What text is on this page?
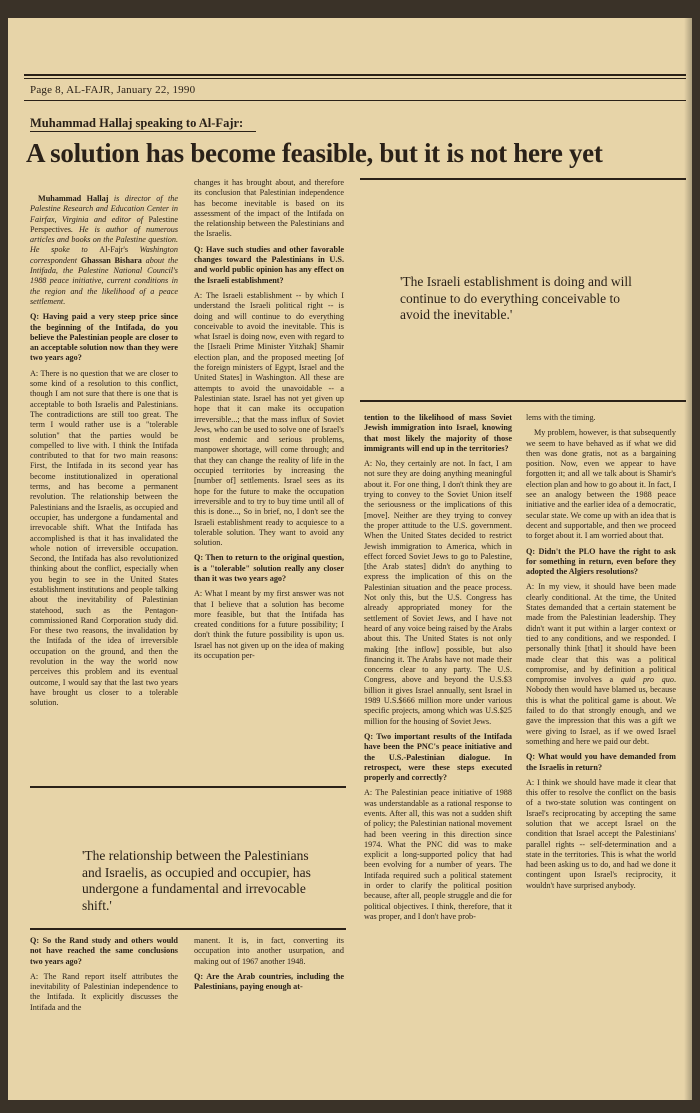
Page 8, AL-FAJR, January 22, 1990
Muhammad Hallaj speaking to Al-Fajr:
A solution has become feasible, but it is not here yet

Muhammad Hallaj is director of the Palestine Research and Education Center in Fairfax, Virginia and editor of Palestine Perspectives. He is author of numerous articles and books on the Palestine question. He spoke to Al-Fajr's Washington correspondent Ghassan Bishara about the Intifada, the Palestine National Council's 1988 peace initiative, current conditions in the region and the likelihood of a peace settlement.

Q: Having paid a very steep price since the beginning of the Intifada, do you believe the Palestinian people are closer to an acceptable solution now than they were two years ago?

A: There is no question that we are closer to some kind of a resolution to this conflict, though I am not sure that there is one that is acceptable to both Israelis and Palestinians. The contradictions are still too great. The term I would rather use is a "tolerable solution" that the parties would be compelled to live with. I think the Intifada contributed to that for two main reasons: First, the Intifada in its second year has become institutionalized in operational terms, and has become a permanent revolution. The relationship between the Palestinians and the Israelis, as occupied and occupier, has undergone a fundamental and irrevocable shift. What the Intifada has accomplished is that it has invalidated the whole notion of irreversible occupation. Second, the Intifada has also revolutionized thinking about the conflict, especially when you begin to see in the United States establishment institutions and people talking about the inevitability of Palestinian statehood, such as the Pentagon-commissioned Rand Corporation study did. For these two reasons, the invalidation by the Intifada of the idea of irreversible occupation on the ground, and then the revolution in the way the world now perceives this problem and its eventual outcome, I would say that the last two years have brought us closer to a tolerable solution.

changes it has brought about, and therefore its conclusion that Palestinian independence has become inevitable is based on its assessment of the impact of the Intifada on the relationship between the Palestinians and the Israelis.

Q: Have such studies and other favorable changes toward the Palestinians in U.S. and world public opinion has any effect on the Israeli establishment?

A: The Israeli establishment -- by which I understand the Israeli political right -- is doing and will continue to do everything conceivable to avoid the inevitable. This is what Israel is doing now, even with regard to the [Israeli Prime Minister Yitzhak] Shamir election plan, and the proposed meeting [of the foreign ministers of Egypt, Israel and the United States] in Washington. All these are attempts to avoid the unavoidable -- a Palestinian state. Israel has not yet given up hope that it can make its occupation irreversible...; that the mass influx of Soviet Jews, who can be used to solve one of Israel's most endemic and serious problems, manpower shortage, will come through; and that they can change the reality of life in the occupied territories by increasing the [number of] settlements. Israel sees as its hope for the future to make the occupation irreversible and to try to buy time until all of this is done..., So in brief, no, I don't see the Israeli establishment ready to acquiesce to a tolerable solution. They want to avoid any solution.

Q: Then to return to the original question, is a "tolerable" solution really any closer than it was two years ago?

A: What I meant by my first answer was not that I believe that a solution has become more feasible, but that the Intifada has created conditions for a future possibility; I don't think the future possibility is upon us. Israel has not given up on the idea of making its occupation per-

'The Israeli establishment is doing and will continue to do everything conceivable to avoid the inevitable.'

tention to the likelihood of mass Soviet Jewish immigration into Israel, knowing that most likely the majority of those immigrants will end up in the territories?

A: No, they certainly are not. In fact, I am not sure they are doing anything meaningful about it. For one thing, I don't think they are trying to convey to the Soviet Union itself the seriousness or the implications of this [move]. Neither are they trying to convey the proper attitude to the U.S. government. When the United States decided to restrict Jewish immigration to America, which in effect forced Soviet Jews to go to Palestine, [the Arab states] didn't do anything to express the implication of this on the Palestinian situation and the peace process. Not only this, but the U.S. Congress has already appropriated money for the settlement of Soviet Jews, and I have not heard of any voice being raised by the Arabs about this. The United States is not only making [the inflow] possible, but also financing it. The Arabs have not made their concerns clear to any party. The U.S. Congress, above and beyond the U.S.$3 billion it gives Israel annually, sent Israel in 1989 U.S.$666 million more under various specific projects, among which was U.S.$25 million for the housing of Soviet Jews.

Q: Two important results of the Intifada have been the PNC's peace initiative and the U.S.-Palestinian dialogue. In retrospect, were these steps executed properly and correctly?

A: The Palestinian peace initiative of 1988 was understandable as a rational response to events. After all, this was not a sudden shift of policy; the Palestinian national movement had been veering in this direction since 1974. What the PNC did was to make explicit a long-supported policy that had been evolving for a number of years. The Intifada required such a political statement in order to clarify the political position because, after all, people struggle and die for political objectives. I think, therefore, that it was proper, and I don't have prob-

lems with the timing.

My problem, however, is that subsequently we seem to have behaved as if what we did then was done gratis, not as a bargaining position. Now, even we appear to have forgotten it; and all we talk about is Shamir's election plan and how to go about it. In fact, I see an analogy between the 1988 peace initiative and the earlier idea of a democratic, secular state. We come up with an idea that is decent and supportable, and then we proceed to forget about it. I am worried about that.

Q: Didn't the PLO have the right to ask for something in return, even before they adopted the Algiers resolutions?

A: In my view, it should have been made clearly conditional. At the time, the United States demanded that a certain statement be made from the Palestinian leadership. They didn't want it put within a larger context or tied to any conditions, and we responded. I personally think [that] it should have been made clear that this was a political compromise, and by definition a political compromise involves a quid pro quo. Nobody then would have blamed us, because this is what the political game is about. We failed to do that strongly enough, and we gave the impression that this was a gift we were giving to Israel, as if we owed Israel something and here we paid our debt.

Q: What would you have demanded from the Israelis in return?

A: I think we should have made it clear that this offer to resolve the conflict on the basis of a two-state solution was contingent on Israel's reciprocating by accepting the same solution that we accept Israel on the condition that Israel accept the Palestinians' parallel rights -- self-determination and a state in the territories. This is what the world had been asking us to do, and had we done it contingent upon Israel's reciprocity, it wouldn't have surprised anybody.

'The relationship between the Palestinians and Israelis, as occupied and occupier, has undergone a fundamental and irrevocable shift.'

Q: So the Rand study and others would not have reached the same conclusions two years ago?

A: The Rand report itself attributes the inevitability of Palestinian independence to the Intifada. It explicitly discusses the Intifada and the

manent. It is, in fact, converting its occupation into another usurpation, and making out of 1967 another 1948.

Q: Are the Arab countries, including the Palestinians, paying enough at-
